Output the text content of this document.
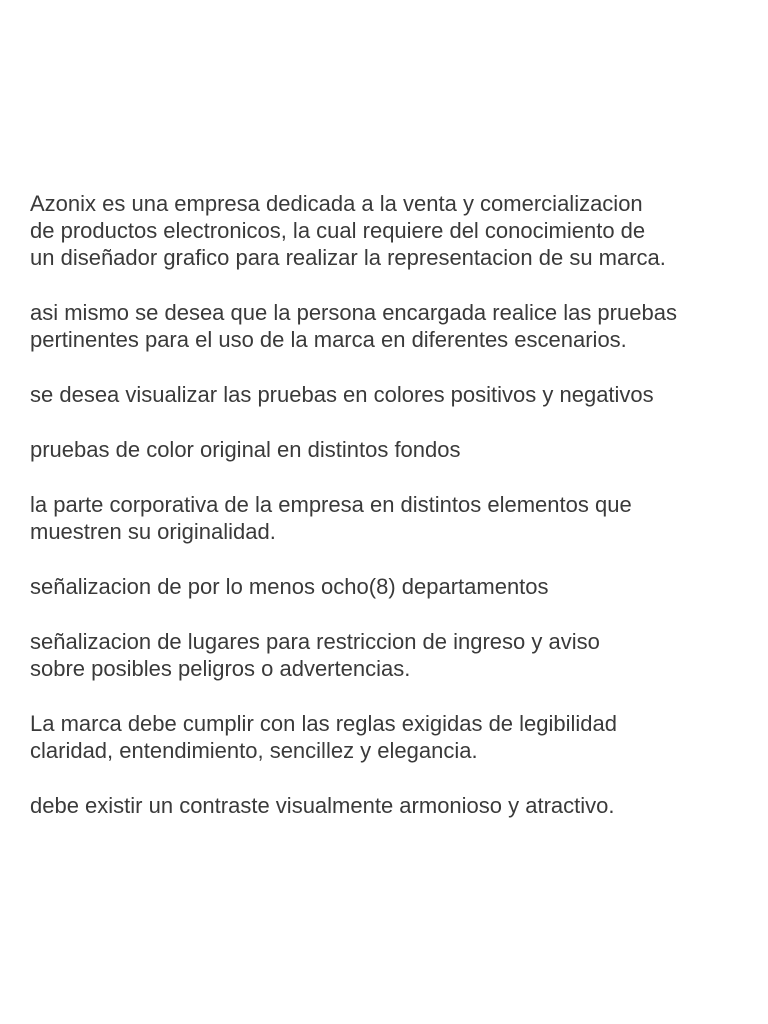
Azonix es una empresa dedicada a la venta y comercializacion
de productos electronicos, la cual requiere del conocimiento de
un diseñador grafico para realizar la representacion de su marca.

asi mismo se desea que la persona encargada realice las pruebas
pertinentes para el uso de la marca en diferentes escenarios.

se desea visualizar las pruebas en colores positivos y negativos

pruebas de color original en distintos fondos

la parte corporativa de la empresa en distintos elementos que
muestren su originalidad.

señalizacion de por lo menos ocho(8) departamentos

señalizacion de lugares para restriccion de ingreso y aviso
sobre posibles peligros o advertencias.

La marca debe cumplir con las reglas exigidas de legibilidad
claridad, entendimiento, sencillez y elegancia.

debe existir un contraste visualmente armonioso y atractivo.
